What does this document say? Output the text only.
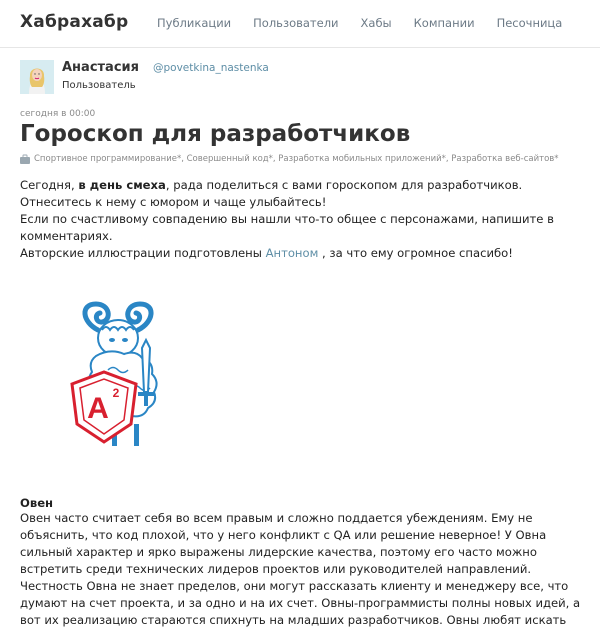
Хабрахабр Публикации Пользователи Хабы Компании Песочница
Анастасия @povetkina_nastenka
Пользователь
сегодня в 00:00
Гороскоп для разработчиков
Спортивное программирование*, Совершенный код*, Разработка мобильных приложений*, Разработка веб-сайтов*
Сегодня, в день смеха, рада поделиться с вами гороскопом для разработчиков. Отнеситесь к нему с юмором и чаще улыбайтесь!
Если по счастливому совпадению вы нашли что-то общее с персонажами, напишите в комментариях.
Авторские иллюстрации подготовлены Антоном , за что ему огромное спасибо!
A 2
Овен
Овен часто считает себя во всем правым и сложно поддается убеждениям. Ему не объяснить, что код плохой, что у него конфликт с QA или решение неверное! У Овна сильный характер и ярко выражены лидерские качества, поэтому его часто можно встретить среди технических лидеров проектов или руководителей направлений. Честность Овна не знает пределов, они могут рассказать клиенту и менеджеру все, что думают на счет проекта, и за одно и на их счет. Овны-программисты полны новых идей, а вот их реализацию стараются спихнуть на младших разработчиков. Овны любят искать
